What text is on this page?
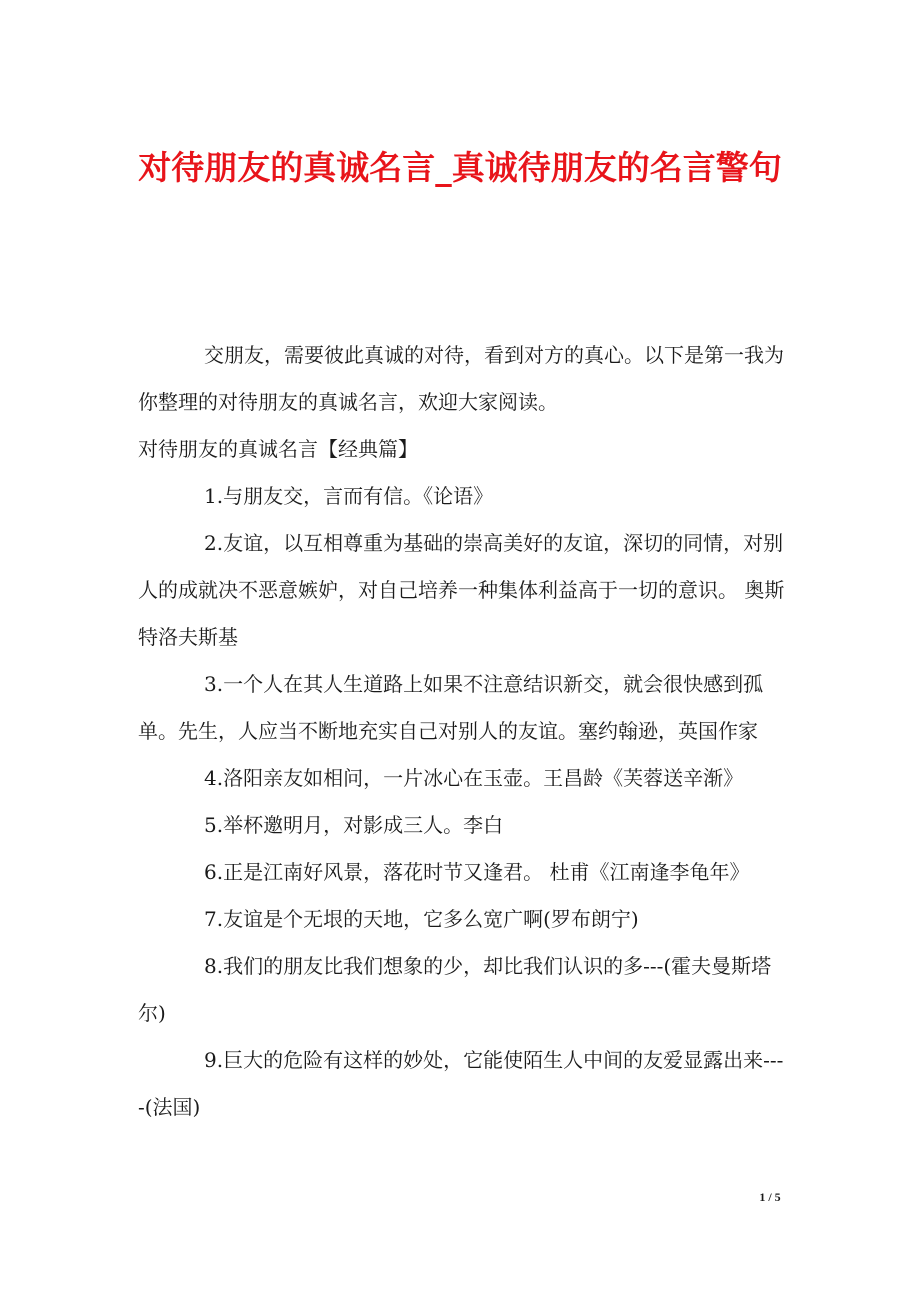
对待朋友的真诚名言_真诚待朋友的名言警句

交朋友，需要彼此真诚的对待，看到对方的真心。以下是第一我为你整理的对待朋友的真诚名言，欢迎大家阅读。

对待朋友的真诚名言【经典篇】

1.与朋友交，言而有信。《论语》

2.友谊，以互相尊重为基础的崇高美好的友谊，深切的同情，对别人的成就决不恶意嫉妒，对自己培养一种集体利益高于一切的意识。 奥斯特洛夫斯基

3.一个人在其人生道路上如果不注意结识新交，就会很快感到孤单。先生，人应当不断地充实自己对别人的友谊。塞约翰逊，英国作家

4.洛阳亲友如相问，一片冰心在玉壶。王昌龄《芙蓉送辛渐》

5.举杯邀明月，对影成三人。李白

6.正是江南好风景，落花时节又逢君。 杜甫《江南逢李龟年》

7.友谊是个无垠的天地，它多么宽广啊(罗布朗宁)

8.我们的朋友比我们想象的少，却比我们认识的多---(霍夫曼斯塔尔)

9.巨大的危险有这样的妙处，它能使陌生人中间的友爱显露出来----(法国)

1 / 5
